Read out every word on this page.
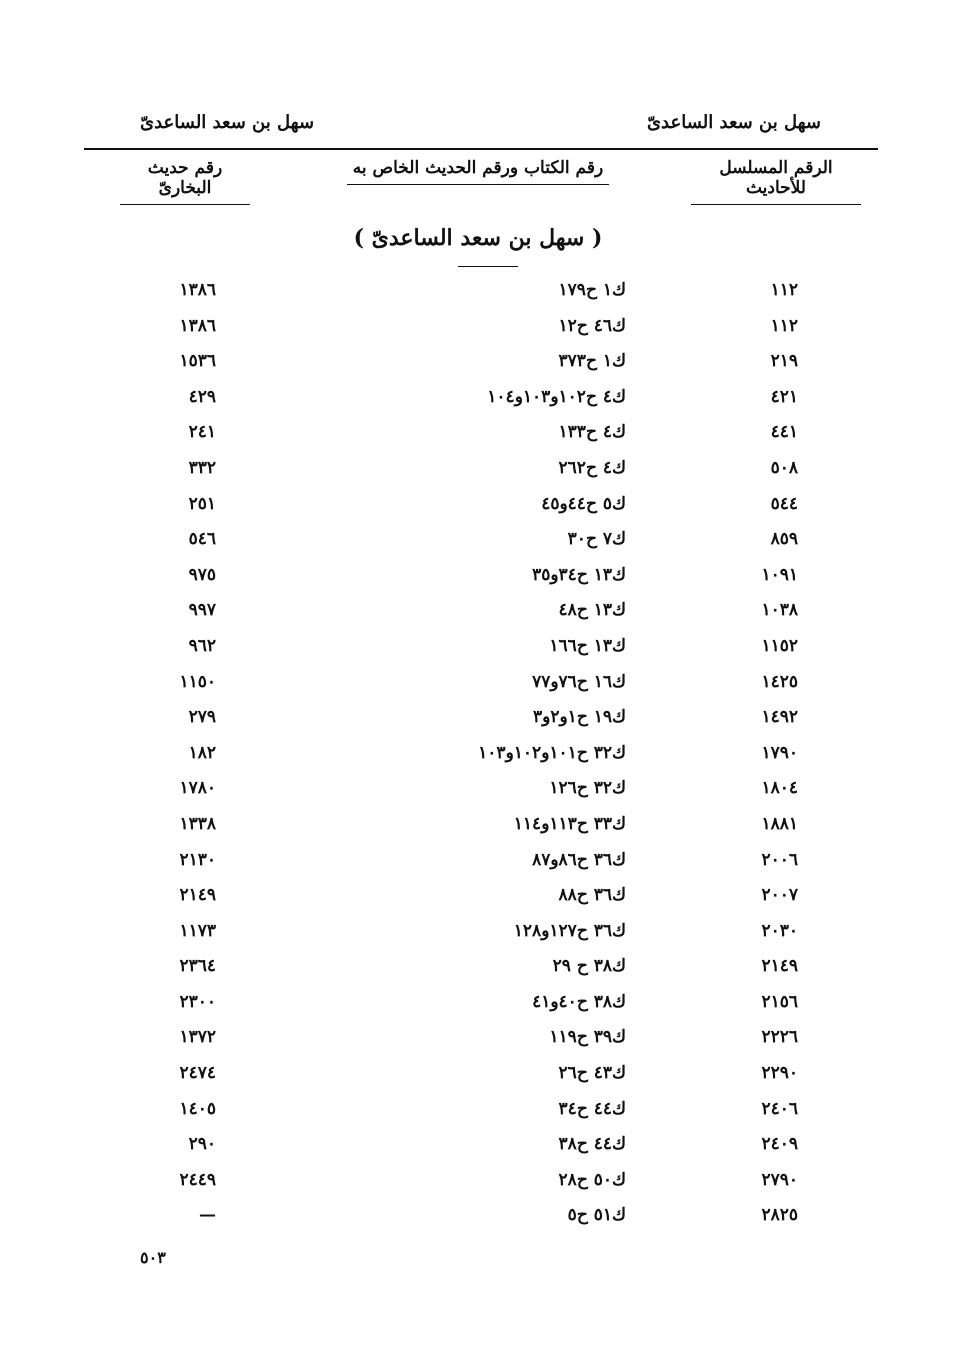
سهل بن سعد الساعدىّ
سهل بن سعد الساعدىّ
الرقم المسلسل للأحاديث
رقم الكتاب ورقم الحديث الخاص به
رقم حديث البخارىّ
( سهل بن سعد الساعدىّ )
١١٢
ك١ ح١٧٩
١٣٨٦
١١٢
ك٤٦ ح١٢
١٣٨٦
٢١٩
ك١ ح٣٧٣
١٥٣٦
٤٢١
ك٤ ح١٠٢و١٠٣و١٠٤
٤٢٩
٤٤١
ك٤ ح١٣٣
٢٤١
٥٠٨
ك٤ ح٢٦٢
٣٣٢
٥٤٤
ك٥ ح٤٤و٤٥
٢٥١
٨٥٩
ك٧ ح٣٠
٥٤٦
١٠٩١
ك١٣ ح٣٤و٣٥
٩٧٥
١٠٣٨
ك١٣ ح٤٨
٩٩٧
١١٥٢
ك١٣ ح١٦٦
٩٦٢
١٤٢٥
ك١٦ ح٧٦و٧٧
١١٥٠
١٤٩٢
ك١٩ ح١و٢و٣
٢٧٩
١٧٩٠
ك٣٢ ح١٠١و١٠٢و١٠٣
١٨٢
١٨٠٤
ك٣٢ ح١٢٦
١٧٨٠
١٨٨١
ك٣٣ ح١١٣و١١٤
١٣٣٨
٢٠٠٦
ك٣٦ ح٨٦و٨٧
٢١٣٠
٢٠٠٧
ك٣٦ ح٨٨
٢١٤٩
٢٠٣٠
ك٣٦ ح١٢٧و١٢٨
١١٧٣
٢١٤٩
ك٣٨ ح ٢٩
٢٣٦٤
٢١٥٦
ك٣٨ ح٤٠و٤١
٢٣٠٠
٢٢٢٦
ك٣٩ ح١١٩
١٣٧٢
٢٢٩٠
ك٤٣ ح٢٦
٢٤٧٤
٢٤٠٦
ك٤٤ ح٣٤
١٤٠٥
٢٤٠٩
ك٤٤ ح٣٨
٢٩٠
٢٧٩٠
ك٥٠ ح٢٨
٢٤٤٩
٢٨٢٥
ك٥١ ح٥
—
٥٠٣
